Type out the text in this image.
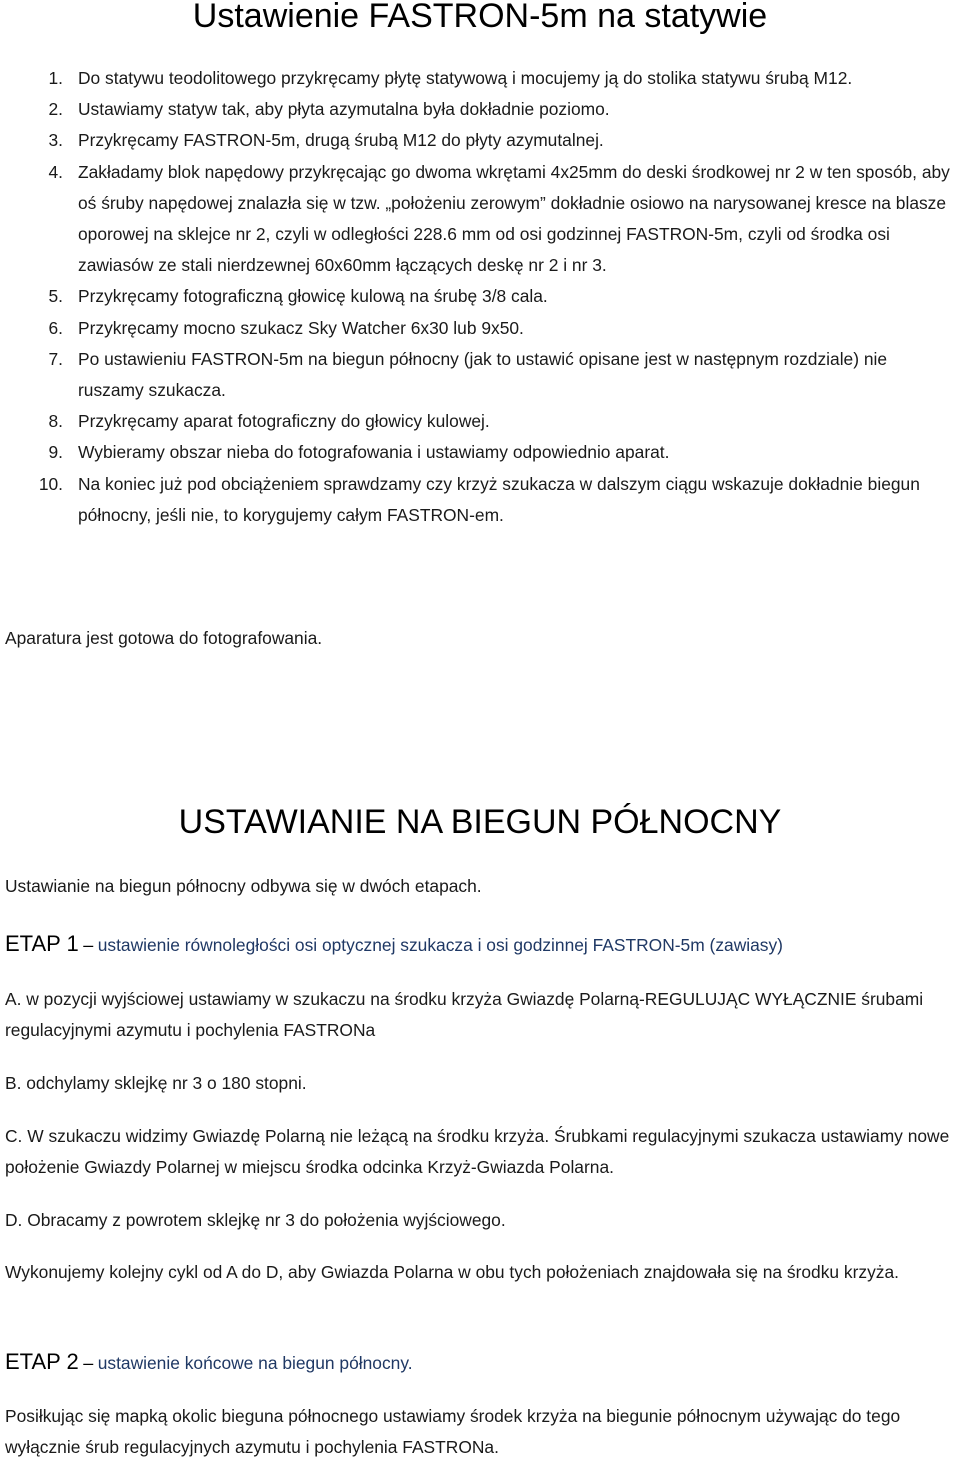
Ustawienie FASTRON-5m na statywie
1. Do statywu teodolitowego przykręcamy płytę statywową i mocujemy ją do stolika statywu śrubą M12.
2. Ustawiamy statyw tak, aby płyta azymutalna była dokładnie poziomo.
3. Przykręcamy FASTRON-5m, drugą śrubą M12 do płyty azymutalnej.
4. Zakładamy blok napędowy przykręcając go dwoma wkrętami 4x25mm do deski środkowej nr 2 w ten sposób, aby oś śruby napędowej znalazła się w tzw. „położeniu zerowym” dokładnie osiowo na narysowanej kresce na blasze oporowej na sklejce nr 2, czyli w odległości 228.6 mm od osi godzinnej FASTRON-5m, czyli od środka osi zawiasów ze stali nierdzewnej 60x60mm łączących deskę nr 2 i nr 3.
5. Przykręcamy fotograficzną głowicę kulową na śrubę 3/8 cala.
6. Przykręcamy mocno szukacz Sky Watcher 6x30 lub 9x50.
7. Po ustawieniu FASTRON-5m na biegun północny (jak to ustawić opisane jest w następnym rozdziale) nie ruszamy szukacza.
8. Przykręcamy aparat fotograficzny do głowicy kulowej.
9. Wybieramy obszar nieba do fotografowania i ustawiamy odpowiednio aparat.
10. Na koniec już pod obciążeniem sprawdzamy czy krzyż szukacza w dalszym ciągu wskazuje dokładnie biegun północny, jeśli nie, to korygujemy całym FASTRON-em.

Aparatura jest gotowa do fotografowania.

USTAWIANIE NA BIEGUN PÓŁNOCNY

Ustawianie na biegun północny odbywa się w dwóch etapach.

ETAP 1 – ustawienie równoległości osi optycznej szukacza i osi godzinnej FASTRON-5m (zawiasy)

A. w pozycji wyjściowej ustawiamy w szukaczu na środku krzyża Gwiazdę Polarną-REGULUJĄC WYŁĄCZNIE śrubami regulacyjnymi azymutu i pochylenia FASTRONa

B. odchylamy sklejkę nr 3 o 180 stopni.

C. W szukaczu widzimy Gwiazdę Polarną nie leżącą na środku krzyża. Śrubkami regulacyjnymi szukacza ustawiamy nowe położenie Gwiazdy Polarnej w miejscu środka odcinka Krzyż-Gwiazda Polarna.

D. Obracamy z powrotem sklejkę nr 3 do położenia wyjściowego.

Wykonujemy kolejny cykl od A do D, aby Gwiazda Polarna w obu tych położeniach znajdowała się na środku krzyża.

ETAP 2 – ustawienie końcowe na biegun północny.

Posiłkując się mapką okolic bieguna północnego ustawiamy środek krzyża na biegunie północnym używając do tego wyłącznie śrub regulacyjnych azymutu i pochylenia FASTRONa.
